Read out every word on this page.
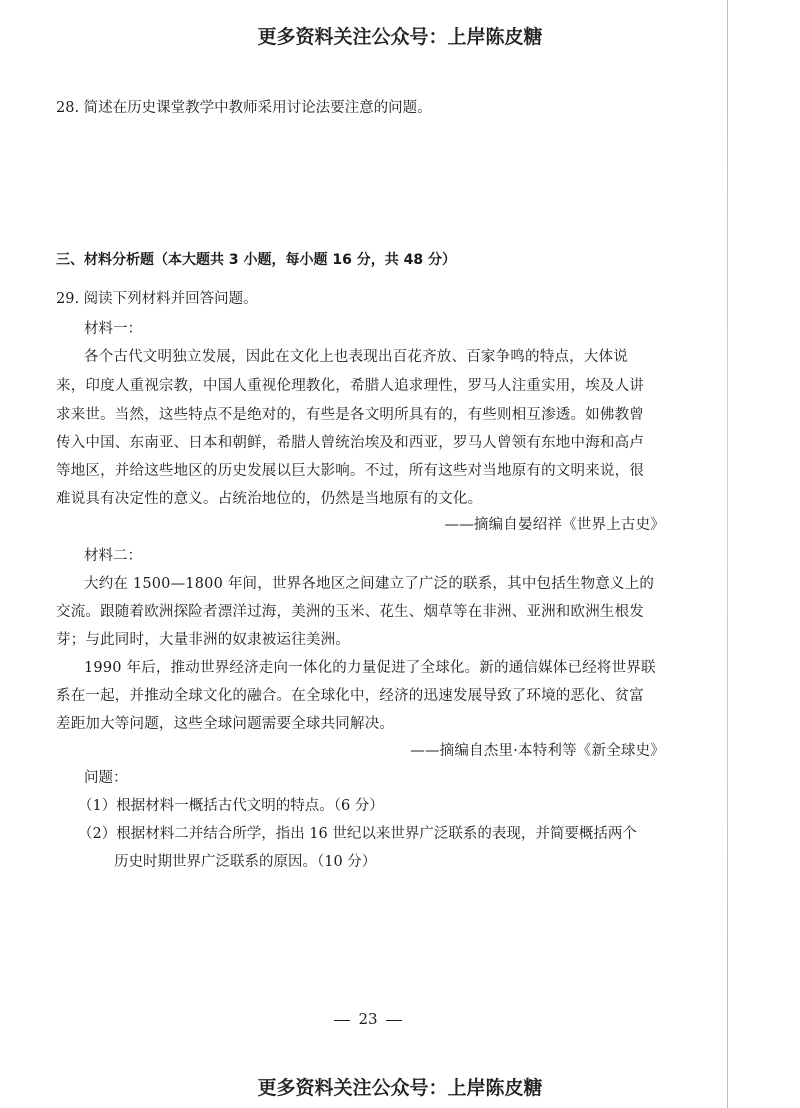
更多资料关注公众号：上岸陈皮糖
28. 简述在历史课堂教学中教师采用讨论法要注意的问题。
三、材料分析题（本大题共 3 小题，每小题 16 分，共 48 分）
29. 阅读下列材料并回答问题。
材料一：
各个古代文明独立发展，因此在文化上也表现出百花齐放、百家争鸣的特点，大体说
来，印度人重视宗教，中国人重视伦理教化，希腊人追求理性，罗马人注重实用，埃及人讲
求来世。当然，这些特点不是绝对的，有些是各文明所具有的，有些则相互渗透。如佛教曾
传入中国、东南亚、日本和朝鲜，希腊人曾统治埃及和西亚，罗马人曾领有东地中海和高卢
等地区，并给这些地区的历史发展以巨大影响。不过，所有这些对当地原有的文明来说，很
难说具有决定性的意义。占统治地位的，仍然是当地原有的文化。
——摘编自晏绍祥《世界上古史》
材料二：
大约在 1500—1800 年间，世界各地区之间建立了广泛的联系，其中包括生物意义上的
交流。跟随着欧洲探险者漂洋过海，美洲的玉米、花生、烟草等在非洲、亚洲和欧洲生根发
芽；与此同时，大量非洲的奴隶被运往美洲。
1990 年后，推动世界经济走向一体化的力量促进了全球化。新的通信媒体已经将世界联
系在一起，并推动全球文化的融合。在全球化中，经济的迅速发展导致了环境的恶化、贫富
差距加大等问题，这些全球问题需要全球共同解决。
——摘编自杰里·本特利等《新全球史》
问题：
（1）根据材料一概括古代文明的特点。（6 分）
（2）根据材料二并结合所学，指出 16 世纪以来世界广泛联系的表现，并简要概括两个
历史时期世界广泛联系的原因。（10 分）
23
更多资料关注公众号：上岸陈皮糖
